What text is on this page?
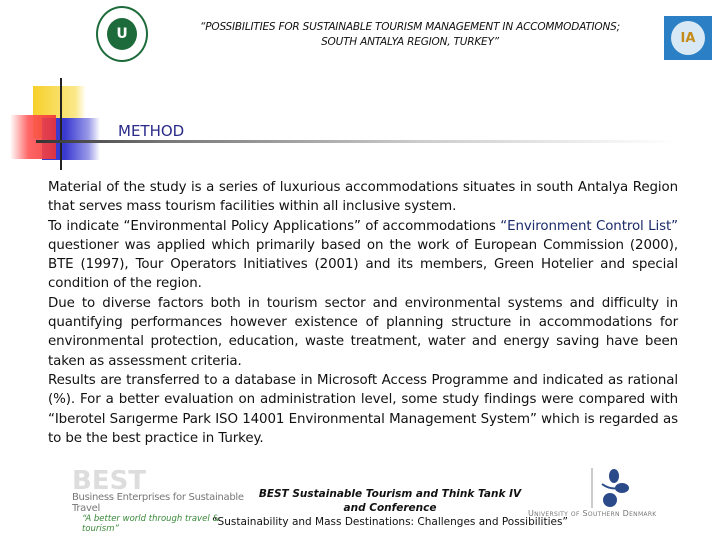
U	“POSSIBILITIES FOR SUSTAINABLE TOURISM MANAGEMENT IN ACCOMMODATIONS;
SOUTH ANTALYA REGION, TURKEY”	IA
METHOD

Material of the study is a series of luxurious accommodations situates in south Antalya Region that serves mass tourism facilities within all inclusive system.

To indicate “Environmental Policy Applications” of accommodations “Environment Control List” questioner was applied which primarily based on the work of European Commission (2000), BTE (1997), Tour Operators Initiatives (2001) and its members, Green Hotelier and special condition of the region.

Due to diverse factors both in tourism sector and environmental systems and difficulty in quantifying performances however existence of planning structure in accommodations for environmental protection, education, waste treatment, water and energy saving have been taken as assessment criteria.

Results are transferred to a database in Microsoft Access Programme and indicated as rational (%). For a better evaluation on administration level, some study findings were compared with “Iberotel Sarıgerme Park ISO 14001 Environmental Management System” which is regarded as to be the best practice in Turkey.

BEST
Business Enterprises for Sustainable Travel
“A better world through travel & tourism”
BEST Sustainable Tourism and Think Tank IV
and Conference
“Sustainability and Mass Destinations: Challenges and Possibilities”
University of Southern Denmark
